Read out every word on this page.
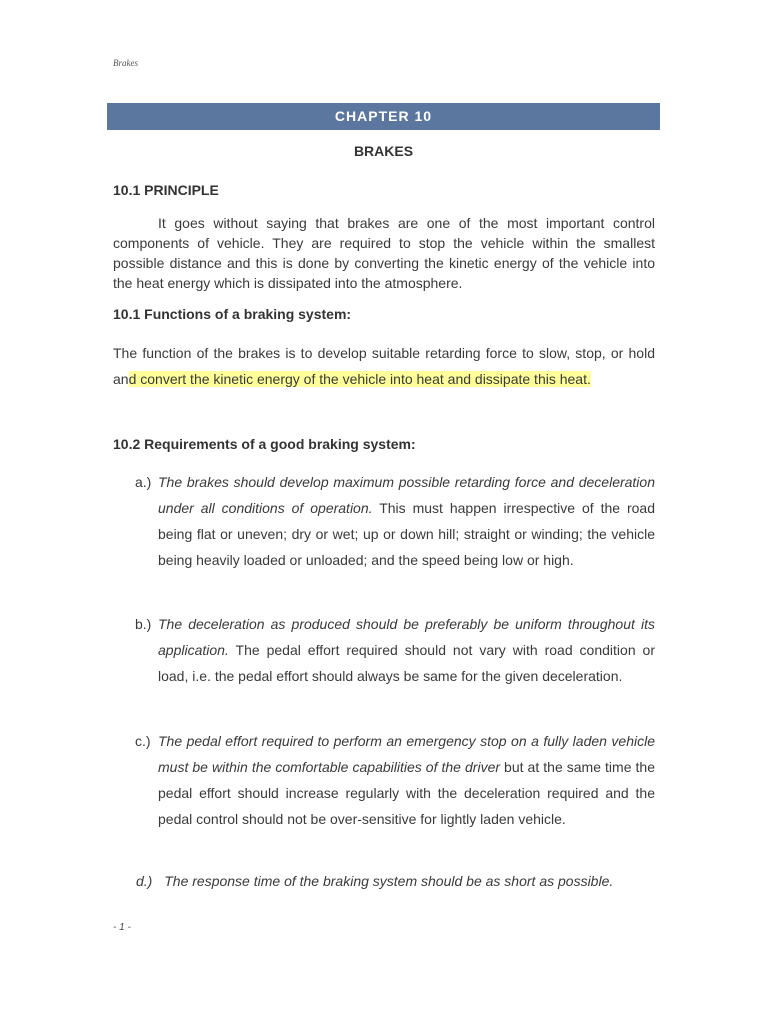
Brakes
CHAPTER 10
BRAKES
10.1 PRINCIPLE

It goes without saying that brakes are one of the most important control components of vehicle. They are required to stop the vehicle within the smallest possible distance and this is done by converting the kinetic energy of the vehicle into the heat energy which is dissipated into the atmosphere.

10.1 Functions of a braking system:

The function of the brakes is to develop suitable retarding force to slow, stop, or hold and convert the kinetic energy of the vehicle into heat and dissipate this heat.

10.2 Requirements of a good braking system:
a.) The brakes should develop maximum possible retarding force and deceleration under all conditions of operation. This must happen irrespective of the road being flat or uneven; dry or wet; up or down hill; straight or winding; the vehicle being heavily loaded or unloaded; and the speed being low or high.
b.) The deceleration as produced should be preferably be uniform throughout its application. The pedal effort required should not vary with road condition or load, i.e. the pedal effort should always be same for the given deceleration.
c.) The pedal effort required to perform an emergency stop on a fully laden vehicle must be within the comfortable capabilities of the driver but at the same time the pedal effort should increase regularly with the deceleration required and the pedal control should not be over-sensitive for lightly laden vehicle.
d.) The response time of the braking system should be as short as possible.
- 1 -
